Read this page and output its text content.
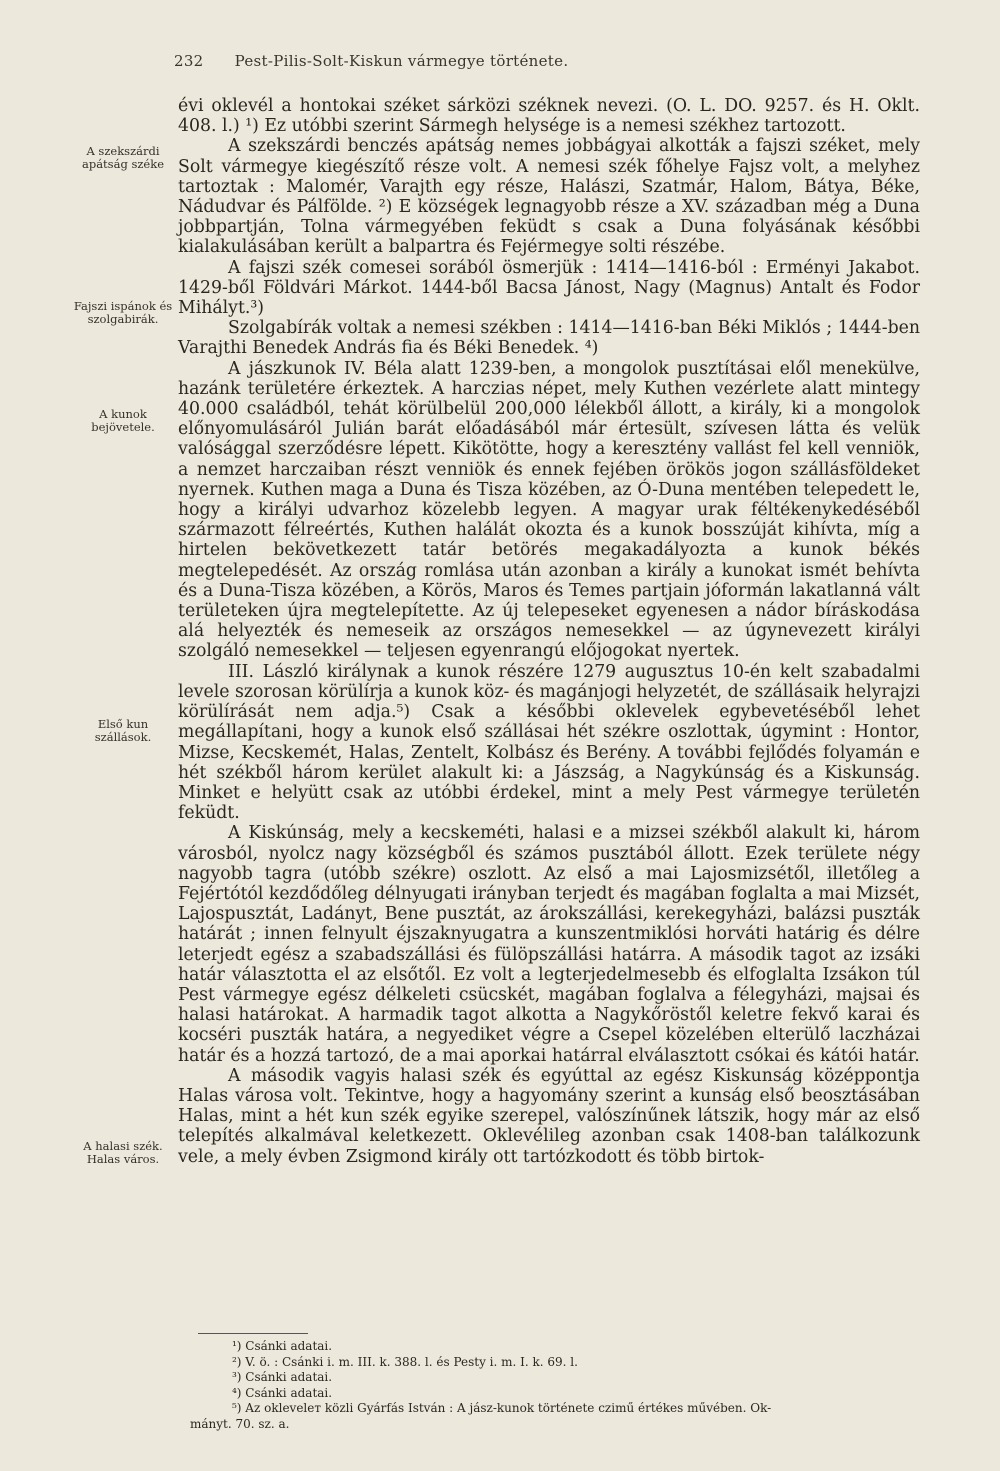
232 Pest-Pilis-Solt-Kiskun vármegye története.
A szekszárdi apátság széke
Fajszi ispánok és szolgabirák.
A kunok bejövetele.
Első kun szállások.
A halasi szék. Halas város.

évi oklevél a hontokai széket sárközi széknek nevezi. (O. L. DO. 9257. és H. Oklt. 408. l.) ¹) Ez utóbbi szerint Sármegh helysége is a nemesi székhez tartozott.

A szekszárdi benczés apátság nemes jobbágyai alkották a fajszi széket, mely Solt vármegye kiegészítő része volt. A nemesi szék főhelye Fajsz volt, a melyhez tartoztak : Malomér, Varajth egy része, Halászi, Szatmár, Halom, Bátya, Béke, Nádudvar és Pálfölde. ²) E községek legnagyobb része a XV. században még a Duna jobbpartján, Tolna vármegyében feküdt s csak a Duna folyásának későbbi kialakulásában került a balpartra és Fejérmegye solti részébe.

A fajszi szék comesei sorából ösmerjük : 1414—1416-ból : Erményi Jakabot. 1429-ből Földvári Márkot. 1444-ből Bacsa Jánost, Nagy (Magnus) Antalt és Fodor Mihályt.³)

Szolgabírák voltak a nemesi székben : 1414—1416-ban Béki Miklós ; 1444-ben Varajthi Benedek András fia és Béki Benedek. ⁴)

A jászkunok IV. Béla alatt 1239-ben, a mongolok pusztításai elől menekülve, hazánk területére érkeztek. A harczias népet, mely Kuthen vezérlete alatt mintegy 40.000 családból, tehát körülbelül 200,000 lélekből állott, a király, ki a mongolok előnyomulásáról Julián barát előadásából már értesült, szívesen látta és velük valósággal szerződésre lépett. Kikötötte, hogy a keresztény vallást fel kell venniök, a nemzet harczaiban részt venniök és ennek fejében örökös jogon szállásföldeket nyernek. Kuthen maga a Duna és Tisza közében, az Ó-Duna mentében telepedett le, hogy a királyi udvarhoz közelebb legyen. A magyar urak féltékenykedéséből származott félreértés, Kuthen halálát okozta és a kunok bosszúját kihívta, míg a hirtelen bekövetkezett tatár betörés megakadályozta a kunok békés megtelepedését. Az ország romlása után azonban a király a kunokat ismét behívta és a Duna-Tisza közében, a Körös, Maros és Temes partjain jóformán lakatlanná vált területeken újra megtelepítette. Az új telepeseket egyenesen a nádor bíráskodása alá helyezték és nemeseik az országos nemesekkel — az úgynevezett királyi szolgáló nemesekkel — teljesen egyenrangú előjogokat nyertek.

III. László királynak a kunok részére 1279 augusztus 10-én kelt szabadalmi levele szorosan körülírja a kunok köz- és magánjogi helyzetét, de szállásaik helyrajzi körülírását nem adja.⁵) Csak a későbbi oklevelek egybevetéséből lehet megállapítani, hogy a kunok első szállásai hét székre oszlottak, úgymint : Hontor, Mizse, Kecskemét, Halas, Zentelt, Kolbász és Berény. A további fejlődés folyamán e hét székből három kerület alakult ki: a Jászság, a Nagykúnság és a Kiskunság. Minket e helyütt csak az utóbbi érdekel, mint a mely Pest vármegye területén feküdt.

A Kiskúnság, mely a kecskeméti, halasi e a mizsei székből alakult ki, három városból, nyolcz nagy községből és számos pusztából állott. Ezek területe négy nagyobb tagra (utóbb székre) oszlott. Az első a mai Lajosmizsétől, illetőleg a Fejértótól kezdődőleg délnyugati irányban terjedt és magában foglalta a mai Mizsét, Lajospusztát, Ladányt, Bene pusztát, az árokszállási, kerekegyházi, balázsi puszták határát ; innen felnyult éjszaknyugatra a kunszentmiklósi horváti határig és délre leterjedt egész a szabadszállási és fülöpszállási határra. A második tagot az izsáki határ választotta el az elsőtől. Ez volt a legterjedelmesebb és elfoglalta Izsákon túl Pest vármegye egész délkeleti csücskét, magában foglalva a félegyházi, majsai és halasi határokat. A harmadik tagot alkotta a Nagykőröstől keletre fekvő karai és kocséri puszták határa, a negyediket végre a Csepel közelében elterülő laczházai határ és a hozzá tartozó, de a mai aporkai határral elválasztott csókai és kátói határ.

A második vagyis halasi szék és egyúttal az egész Kiskunság középpontja Halas városa volt. Tekintve, hogy a hagyomány szerint a kunság első beosztásában Halas, mint a hét kun szék egyike szerepel, valószínűnek látszik, hogy már az első telepítés alkalmával keletkezett. Oklevélileg azonban csak 1408-ban találkozunk vele, a mely évben Zsigmond király ott tartózkodott és több birtok-

¹) Csánki adatai.
²) V. ö. : Csánki i. m. III. k. 388. l. és Pesty i. m. I. k. 69. l.
³) Csánki adatai.
⁴) Csánki adatai.
⁵) Az okleveleт közli Gyárfás István : A jász-kunok története czimű értékes művében. Ok-
mányt. 70. sz. a.
